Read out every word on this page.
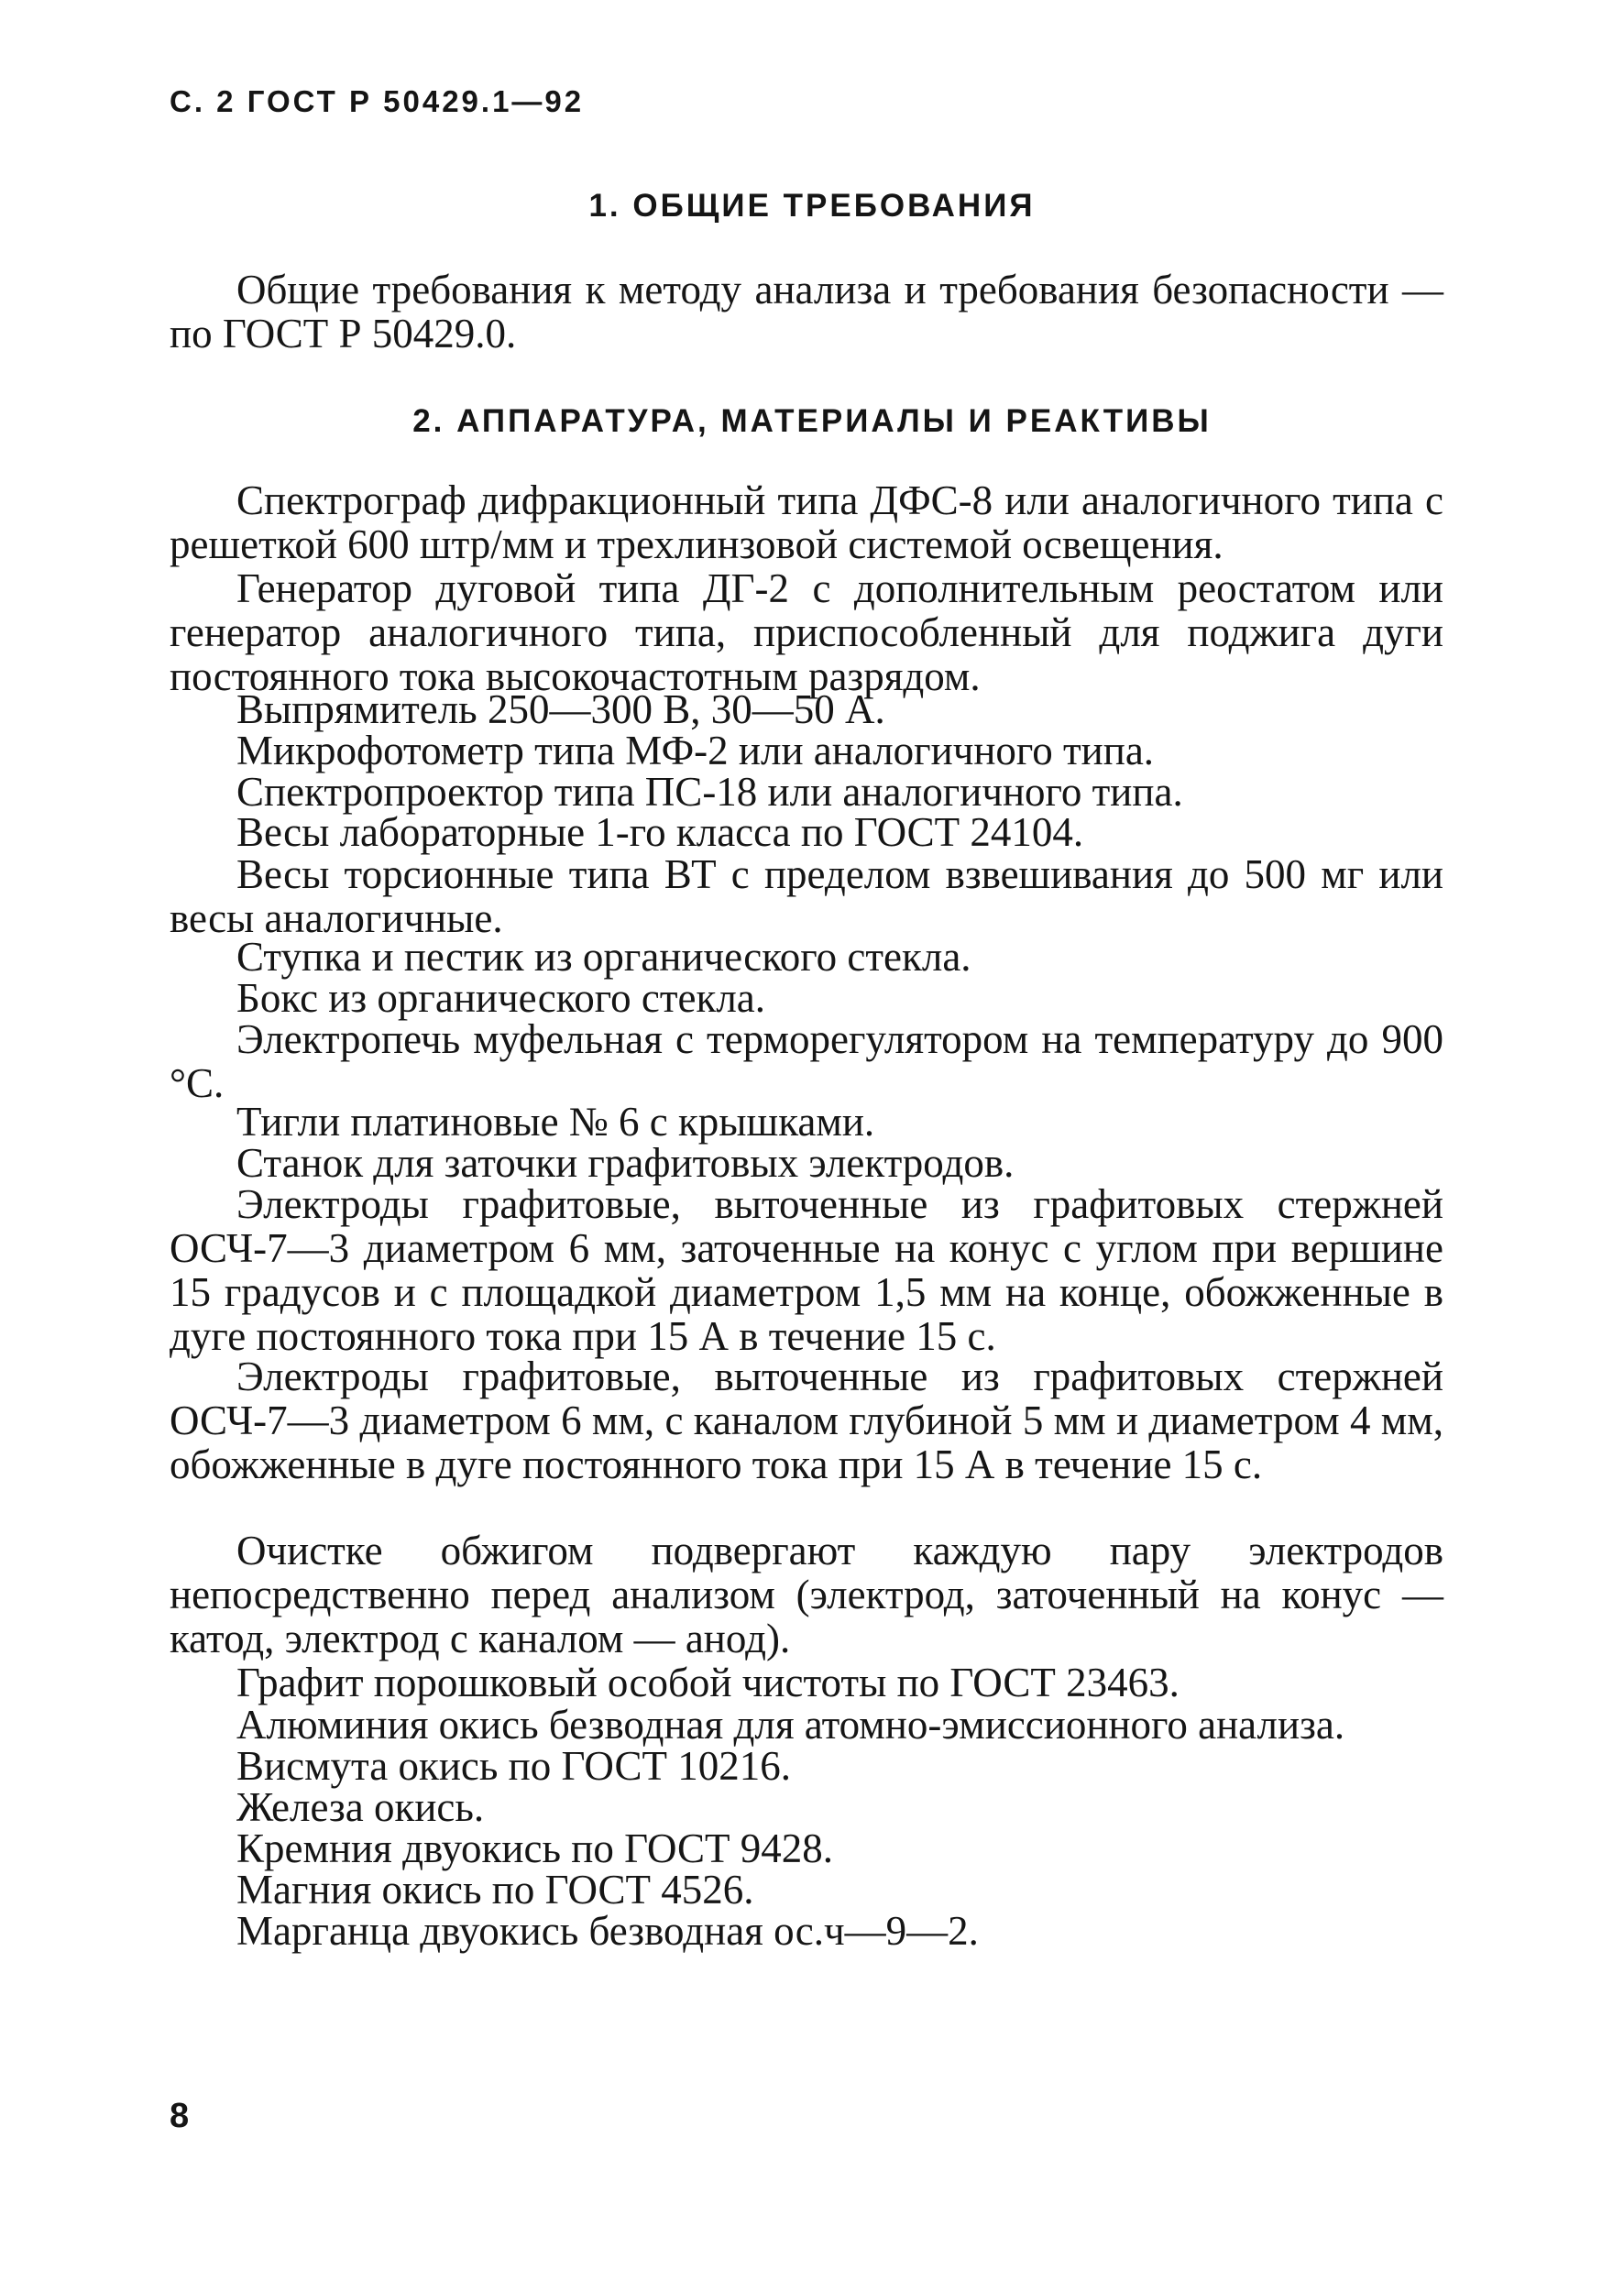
С. 2 ГОСТ Р 50429.1—92
1. ОБЩИЕ ТРЕБОВАНИЯ

Общие требования к методу анализа и требования безопасности — по ГОСТ Р 50429.0.

2. АППАРАТУРА, МАТЕРИАЛЫ И РЕАКТИВЫ

Спектрограф дифракционный типа ДФС-8 или аналогичного типа с решеткой 600 штр/мм и трехлинзовой системой освещения.

Генератор дуговой типа ДГ-2 с дополнительным реостатом или генератор аналогичного типа, приспособленный для поджига дуги постоянного тока высокочастотным разрядом.

Выпрямитель 250—300 В, 30—50 А.

Микрофотометр типа МФ-2 или аналогичного типа.

Спектропроектор типа ПС-18 или аналогичного типа.

Весы лабораторные 1-го класса по ГОСТ 24104.

Весы торсионные типа ВТ с пределом взвешивания до 500 мг или весы аналогичные.

Ступка и пестик из органического стекла.

Бокс из органического стекла.

Электропечь муфельная с терморегулятором на температуру до 900 °С.

Тигли платиновые № 6 с крышками.

Станок для заточки графитовых электродов.

Электроды графитовые, выточенные из графитовых стержней ОСЧ-7—3 диаметром 6 мм, заточенные на конус с углом при вершине 15 градусов и с площадкой диаметром 1,5 мм на конце, обожженные в дуге постоянного тока при 15 А в течение 15 с.

Электроды графитовые, выточенные из графитовых стержней ОСЧ-7—3 диаметром 6 мм, с каналом глубиной 5 мм и диаметром 4 мм, обожженные в дуге постоянного тока при 15 А в течение 15 с.

Очистке обжигом подвергают каждую пару электродов непосредственно перед анализом (электрод, заточенный на конус — катод, электрод с каналом — анод).

Графит порошковый особой чистоты по ГОСТ 23463.

Алюминия окись безводная для атомно-эмиссионного анализа.

Висмута окись по ГОСТ 10216.

Железа окись.

Кремния двуокись по ГОСТ 9428.

Магния окись по ГОСТ 4526.

Марганца двуокись безводная ос.ч—9—2.

8
